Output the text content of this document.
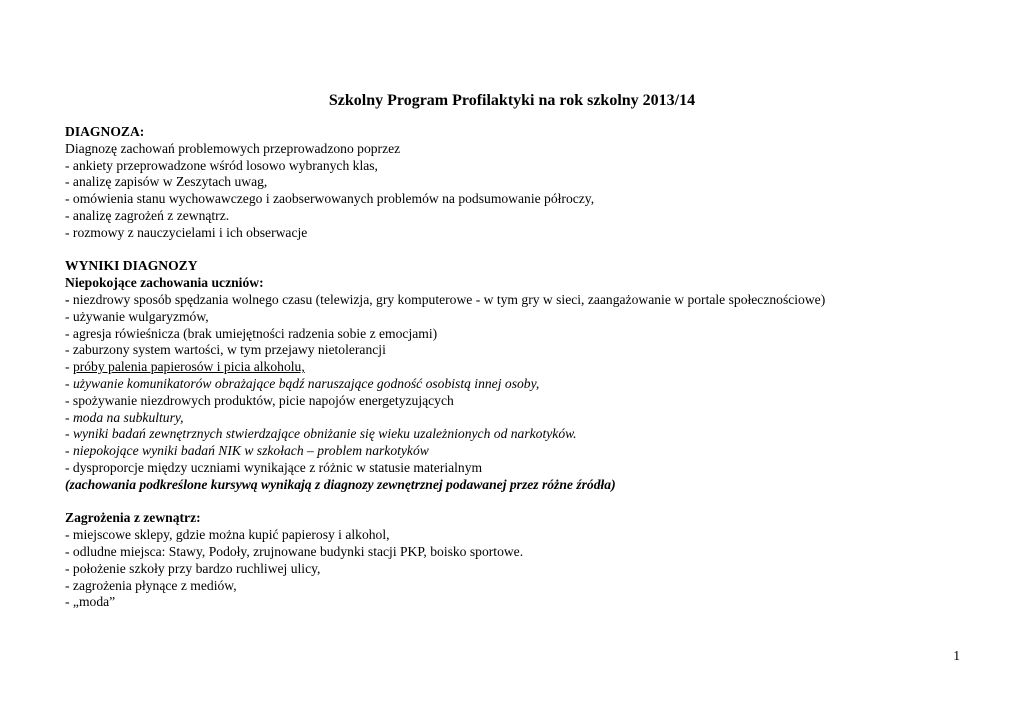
Szkolny Program Profilaktyki na rok szkolny 2013/14
DIAGNOZA:
Diagnozę zachowań problemowych przeprowadzono poprzez
- ankiety przeprowadzone wśród losowo wybranych klas,
- analizę zapisów w Zeszytach uwag,
- omówienia stanu wychowawczego i zaobserwowanych problemów na podsumowanie półroczy,
- analizę zagrożeń z zewnątrz.
- rozmowy z nauczycielami i ich obserwacje
WYNIKI DIAGNOZY
Niepokojące zachowania uczniów:
- niezdrowy sposób spędzania wolnego czasu (telewizja, gry komputerowe - w tym gry w sieci, zaangażowanie w portale społecznościowe)
- używanie wulgaryzmów,
- agresja rówieśnicza (brak umiejętności radzenia sobie z emocjami)
- zaburzony system wartości, w tym przejawy nietolerancji
- próby palenia papierosów i picia alkoholu,
- używanie komunikatorów obrażające bądź naruszające godność osobistą innej osoby,
- spożywanie niezdrowych produktów, picie napojów energetyzujących
- moda na subkultury,
- wyniki badań zewnętrznych stwierdzające obniżanie się wieku uzależnionych od narkotyków.
- niepokojące wyniki badań NIK w szkołach – problem narkotyków
- dysproporcje między uczniami wynikające z różnic w statusie materialnym
(zachowania podkreślone kursywą wynikają z diagnozy zewnętrznej podawanej przez różne źródła)
Zagrożenia z zewnątrz:
- miejscowe sklepy, gdzie można kupić papierosy i alkohol,
- odludne miejsca: Stawy, Podoły, zrujnowane budynki stacji PKP, boisko sportowe.
- położenie szkoły przy bardzo ruchliwej ulicy,
- zagrożenia płynące z mediów,
- „moda”
1
